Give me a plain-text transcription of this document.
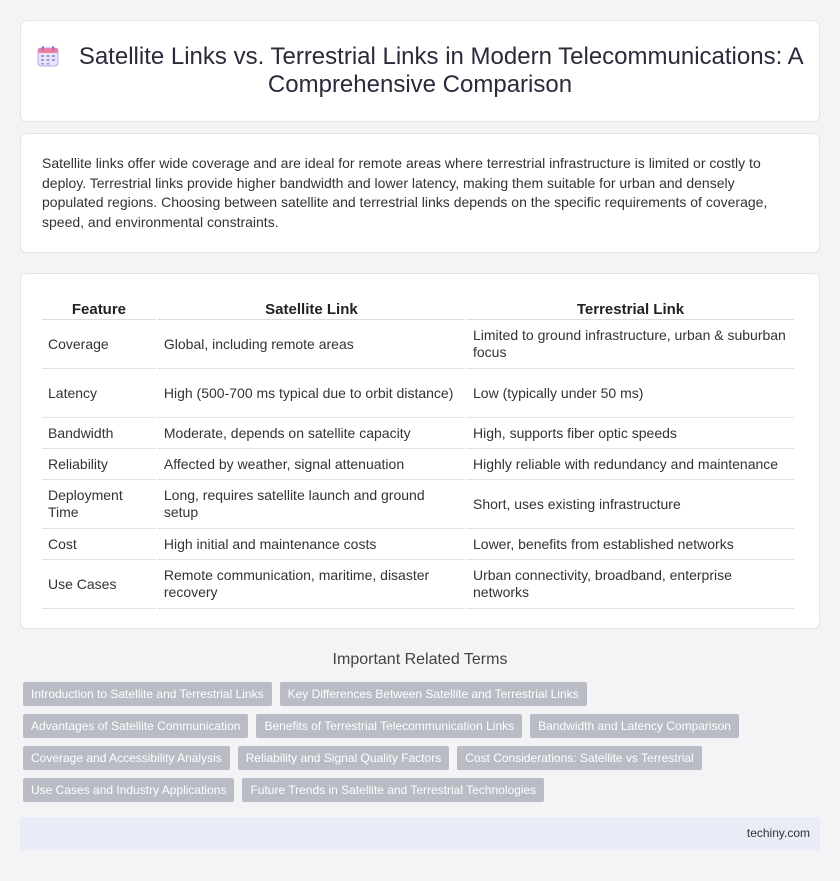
Satellite Links vs. Terrestrial Links in Modern Telecommunications: A Comprehensive Comparison

Satellite links offer wide coverage and are ideal for remote areas where terrestrial infrastructure is limited or costly to deploy. Terrestrial links provide higher bandwidth and lower latency, making them suitable for urban and densely populated regions. Choosing between satellite and terrestrial links depends on the specific requirements of coverage, speed, and environmental constraints.

Feature	Satellite Link	Terrestrial Link
Coverage	Global, including remote areas	Limited to ground infrastructure, urban & suburban focus
Latency	High (500-700 ms typical due to orbit distance)	Low (typically under 50 ms)
Bandwidth	Moderate, depends on satellite capacity	High, supports fiber optic speeds
Reliability	Affected by weather, signal attenuation	Highly reliable with redundancy and maintenance
Deployment Time	Long, requires satellite launch and ground setup	Short, uses existing infrastructure
Cost	High initial and maintenance costs	Lower, benefits from established networks
Use Cases	Remote communication, maritime, disaster recovery	Urban connectivity, broadband, enterprise networks
Important Related Terms
Introduction to Satellite and Terrestrial Links	Key Differences Between Satellite and Terrestrial Links
Advantages of Satellite Communication	Benefits of Terrestrial Telecommunication Links	Bandwidth and Latency Comparison
Coverage and Accessibility Analysis	Reliability and Signal Quality Factors	Cost Considerations: Satellite vs Terrestrial
Use Cases and Industry Applications	Future Trends in Satellite and Terrestrial Technologies
techiny.com
